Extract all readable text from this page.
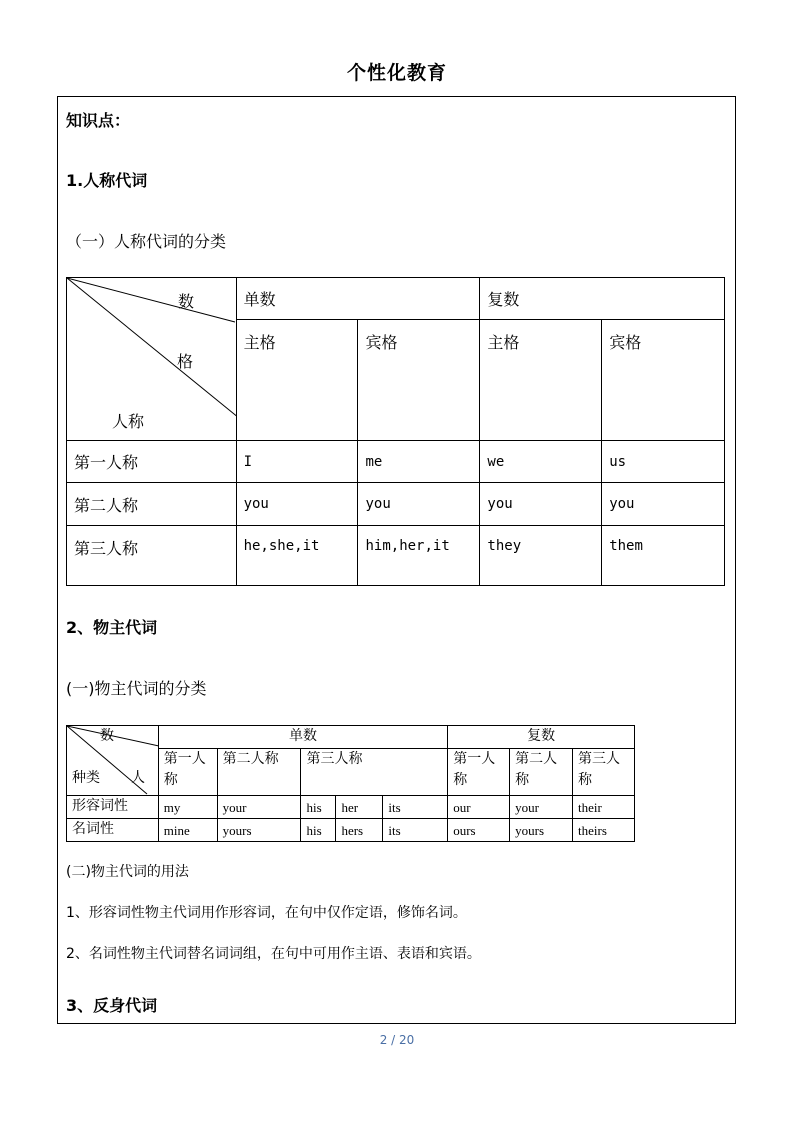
个性化教育
知识点：
1.人称代词
（一）人称代词的分类
数
格
人称	单数		复数	
	主格	宾格	主格	宾格
第一人称	I	me	we	us
第二人称	you	you	you	you
第三人称	he,she,it	him,her,it	they	them
2、物主代词
(一)物主代词的分类
数
种类 人	单数					复数		
	第一人称	第二人称	第三人称			第一人称	第二人称	第三人称
形容词性	my	your	his	her	its	our	your	their
名词性	mine	yours	his	hers	its	ours	yours	theirs
(二)物主代词的用法
1、形容词性物主代词用作形容词，在句中仅作定语，修饰名词。
2、名词性物主代词替名词词组，在句中可用作主语、表语和宾语。
3、反身代词
2 / 20
